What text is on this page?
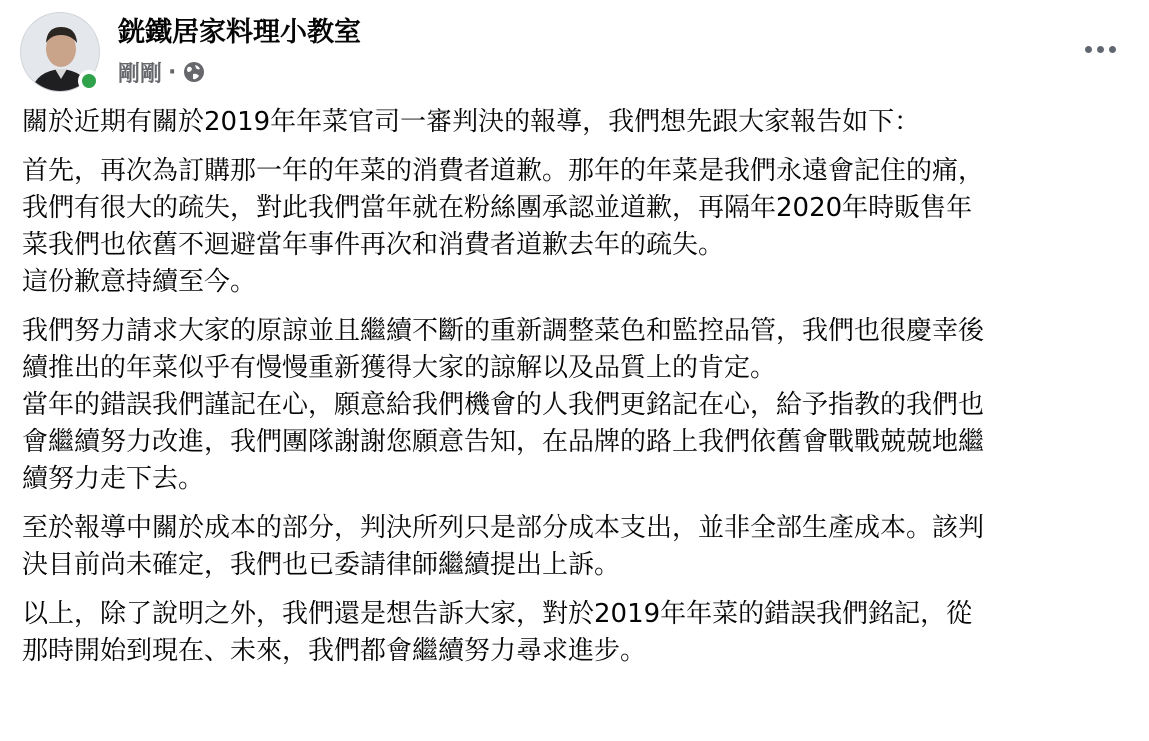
銧鐵居家料理小教室
剛剛 ·

關於近期有關於2019年年菜官司一審判決的報導，我們想先跟大家報告如下：

首先，再次為訂購那一年的年菜的消費者道歉。那年的年菜是我們永遠會記住的痛，
我們有很大的疏失，對此我們當年就在粉絲團承認並道歉，再隔年2020年時販售年
菜我們也依舊不迴避當年事件再次和消費者道歉去年的疏失。
這份歉意持續至今。

我們努力請求大家的原諒並且繼續不斷的重新調整菜色和監控品管，我們也很慶幸後
續推出的年菜似乎有慢慢重新獲得大家的諒解以及品質上的肯定。
當年的錯誤我們謹記在心，願意給我們機會的人我們更銘記在心，給予指教的我們也
會繼續努力改進，我們團隊謝謝您願意告知，在品牌的路上我們依舊會戰戰兢兢地繼
續努力走下去。

至於報導中關於成本的部分，判決所列只是部分成本支出，並非全部生產成本。該判
決目前尚未確定，我們也已委請律師繼續提出上訴。

以上，除了說明之外，我們還是想告訴大家，對於2019年年菜的錯誤我們銘記，從
那時開始到現在、未來，我們都會繼續努力尋求進步。
